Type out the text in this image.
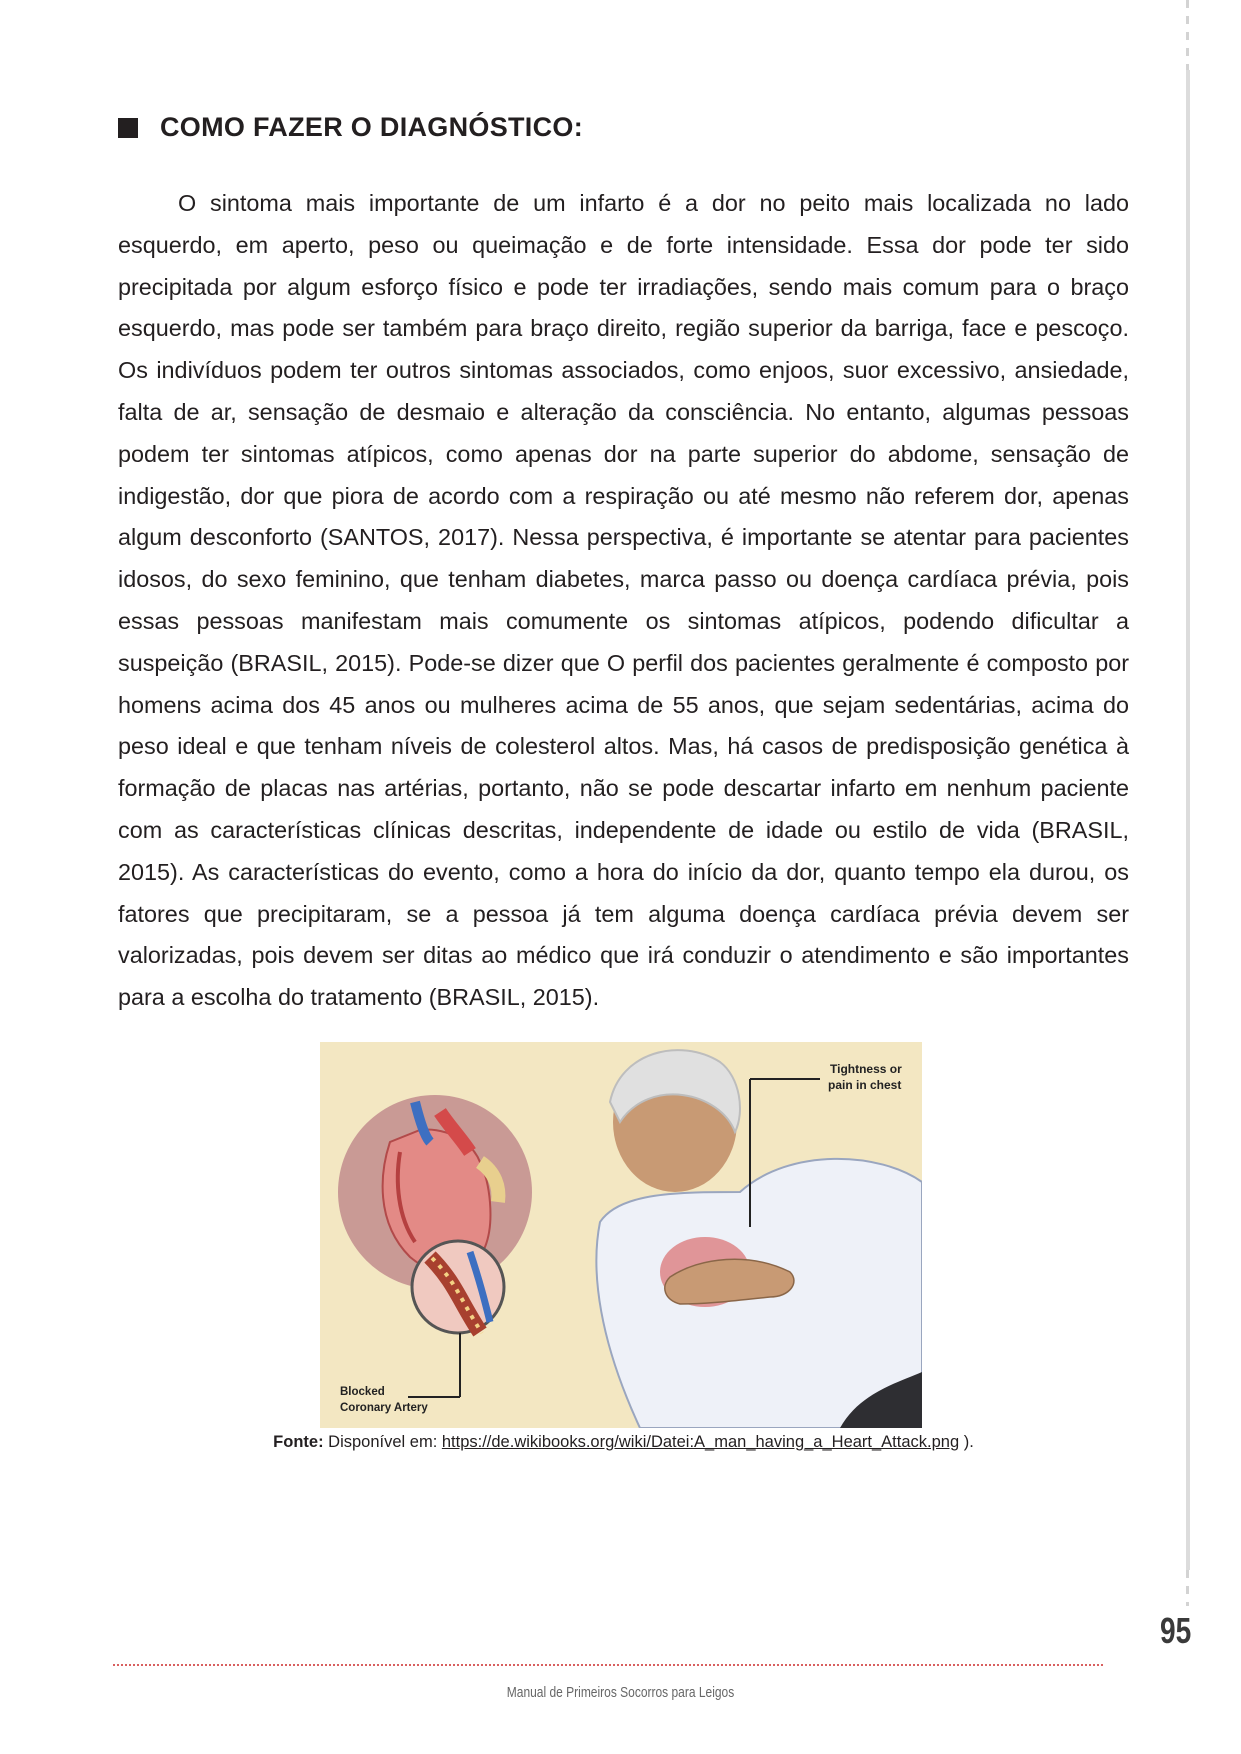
COMO FAZER O DIAGNÓSTICO:

O sintoma mais importante de um infarto é a dor no peito mais localizada no lado esquerdo, em aperto, peso ou queimação e de forte intensidade. Essa dor pode ter sido precipitada por algum esforço físico e pode ter irradiações, sendo mais comum para o braço esquerdo, mas pode ser também para braço direito, região superior da barriga, face e pescoço. Os indivíduos podem ter outros sintomas associados, como enjoos, suor excessivo, ansiedade, falta de ar, sensação de desmaio e alteração da consciência. No entanto, algumas pessoas podem ter sintomas atípicos, como apenas dor na parte superior do abdome, sensação de indigestão, dor que piora de acordo com a respiração ou até mesmo não referem dor, apenas algum desconforto (SANTOS, 2017). Nessa perspectiva, é importante se atentar para pacientes idosos, do sexo feminino, que tenham diabetes, marca passo ou doença cardíaca prévia, pois essas pessoas manifestam mais comumente os sintomas atípicos, podendo dificultar a suspeição (BRASIL, 2015). Pode-se dizer que O perfil dos pacientes geralmente é composto por homens acima dos 45 anos ou mulheres acima de 55 anos, que sejam sedentárias, acima do peso ideal e que tenham níveis de colesterol altos. Mas, há casos de predisposição genética à formação de placas nas artérias, portanto, não se pode descartar infarto em nenhum paciente com as características clínicas descritas, independente de idade ou estilo de vida (BRASIL, 2015). As características do evento, como a hora do início da dor, quanto tempo ela durou, os fatores que precipitaram, se a pessoa já tem alguma doença cardíaca prévia devem ser valorizadas, pois devem ser ditas ao médico que irá conduzir o atendimento e são importantes para a escolha do tratamento (BRASIL, 2015).

Tightness or
pain in chest
Blocked
Coronary Artery
Fonte: Disponível em: https://de.wikibooks.org/wiki/Datei:A_man_having_a_Heart_Attack.png ).
95
Manual de Primeiros Socorros para Leigos
